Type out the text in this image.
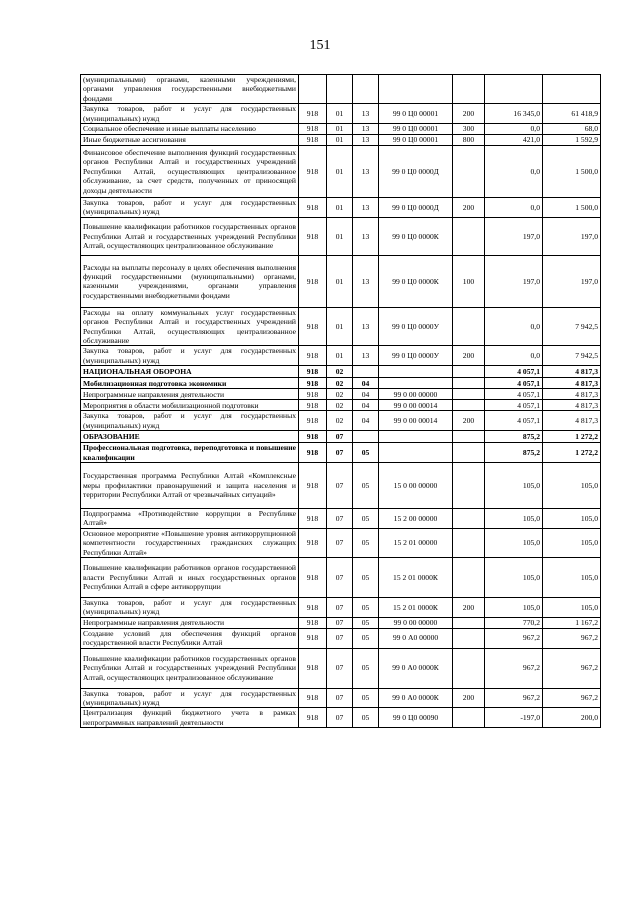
151
(муниципальными) органами, казенными учреждениями, органами управления государственными внебюджетными фондами							
Закупка товаров, работ и услуг для государственных (муниципальных) нужд	918	01	13	99 0 Ц0 00001	200	16 345,0	61 418,9
Социальное обеспечение и иные выплаты населению	918	01	13	99 0 Ц0 00001	300	0,0	68,0
Иные бюджетные ассигнования	918	01	13	99 0 Ц0 00001	800	421,0	1 592,9
Финансовое обеспечение выполнения функций государственных органов Республики Алтай и государственных учреждений Республики Алтай, осуществляющих централизованное обслуживание, за счет средств, полученных от приносящей доходы деятельности	918	01	13	99 0 Ц0 0000Д		0,0	1 500,0
Закупка товаров, работ и услуг для государственных (муниципальных) нужд	918	01	13	99 0 Ц0 0000Д	200	0,0	1 500,0
Повышение квалификации работников государственных органов Республики Алтай и государственных учреждений Республики Алтай, осуществляющих централизованное обслуживание	918	01	13	99 0 Ц0 0000К		197,0	197,0
Расходы на выплаты персоналу в целях обеспечения выполнения функций государственными (муниципальными) органами, казенными учреждениями, органами управления государственными внебюджетными фондами	918	01	13	99 0 Ц0 0000К	100	197,0	197,0
Расходы на оплату коммунальных услуг государственных органов Республики Алтай и государственных учреждений Республики Алтай, осуществляющих централизованное обслуживание	918	01	13	99 0 Ц0 0000У		0,0	7 942,5
Закупка товаров, работ и услуг для государственных (муниципальных) нужд	918	01	13	99 0 Ц0 0000У	200	0,0	7 942,5
НАЦИОНАЛЬНАЯ ОБОРОНА	918	02				4 057,1	4 817,3
Мобилизационная подготовка экономики	918	02	04			4 057,1	4 817,3
Непрограммные направления деятельности	918	02	04	99 0 00 00000		4 057,1	4 817,3
Мероприятия в области мобилизационной подготовки	918	02	04	99 0 00 00014		4 057,1	4 817,3
Закупка товаров, работ и услуг для государственных (муниципальных) нужд	918	02	04	99 0 00 00014	200	4 057,1	4 817,3
ОБРАЗОВАНИЕ	918	07				875,2	1 272,2
Профессиональная подготовка, переподготовка и повышение квалификации	918	07	05			875,2	1 272,2
Государственная программа Республики Алтай «Комплексные меры профилактики правонарушений и защита населения и территории Республики Алтай от чрезвычайных ситуаций»	918	07	05	15 0 00 00000		105,0	105,0
Подпрограмма «Противодействие коррупции в Республике Алтай»	918	07	05	15 2 00 00000		105,0	105,0
Основное мероприятие «Повышение уровня антикоррупционной компетентности государственных гражданских служащих Республики Алтай»	918	07	05	15 2 01 00000		105,0	105,0
Повышение квалификации работников органов государственной власти Республики Алтай и иных государственных органов Республики Алтай в сфере антикоррупции	918	07	05	15 2 01 0000К		105,0	105,0
Закупка товаров, работ и услуг для государственных (муниципальных) нужд	918	07	05	15 2 01 0000К	200	105,0	105,0
Непрограммные направления деятельности	918	07	05	99 0 00 00000		770,2	1 167,2
Создание условий для обеспечения функций органов государственной власти Республики Алтай	918	07	05	99 0 А0 00000		967,2	967,2
Повышение квалификации работников государственных органов Республики Алтай и государственных учреждений Республики Алтай, осуществляющих централизованное обслуживание	918	07	05	99 0 А0 0000К		967,2	967,2
Закупка товаров, работ и услуг для государственных (муниципальных) нужд	918	07	05	99 0 А0 0000К	200	967,2	967,2
Централизация функций бюджетного учета в рамках непрограммных направлений деятельности	918	07	05	99 0 Ц0 00090		-197,0	200,0
